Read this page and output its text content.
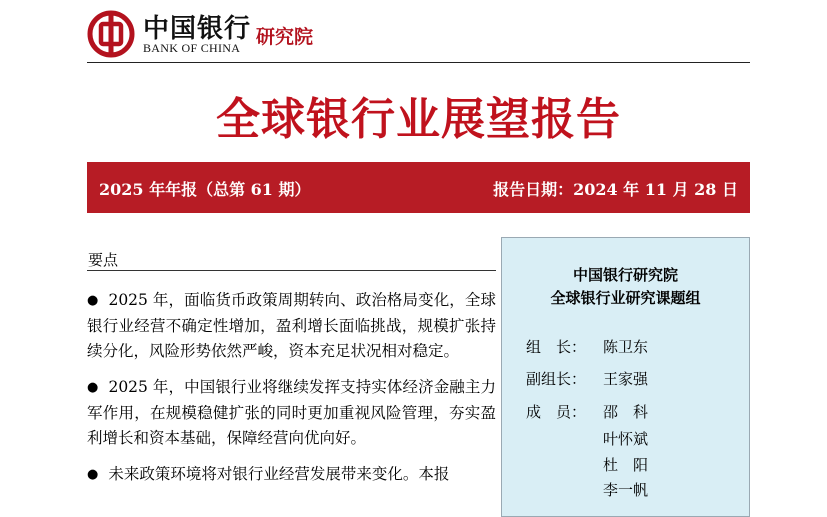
中国银行
BANK OF CHINA 研究院
全球银行业展望报告
2025 年年报（总第 61 期）	报告日期：2024 年 11 月 28 日
要点
● 2025 年，面临货币政策周期转向、政治格局变化，全球银行业经营不确定性增加，盈利增长面临挑战，规模扩张持续分化，风险形势依然严峻，资本充足状况相对稳定。
● 2025 年，中国银行业将继续发挥支持实体经济金融主力军作用，在规模稳健扩张的同时更加重视风险管理，夯实盈利增长和资本基础，保障经营向优向好。
● 未来政策环境将对银行业经营发展带来变化。本报
中国银行研究院
全球银行业研究课题组
组　长： 陈卫东
副组长： 王家强
成　员： 邵　科
叶怀斌
杜　阳
李一帆
